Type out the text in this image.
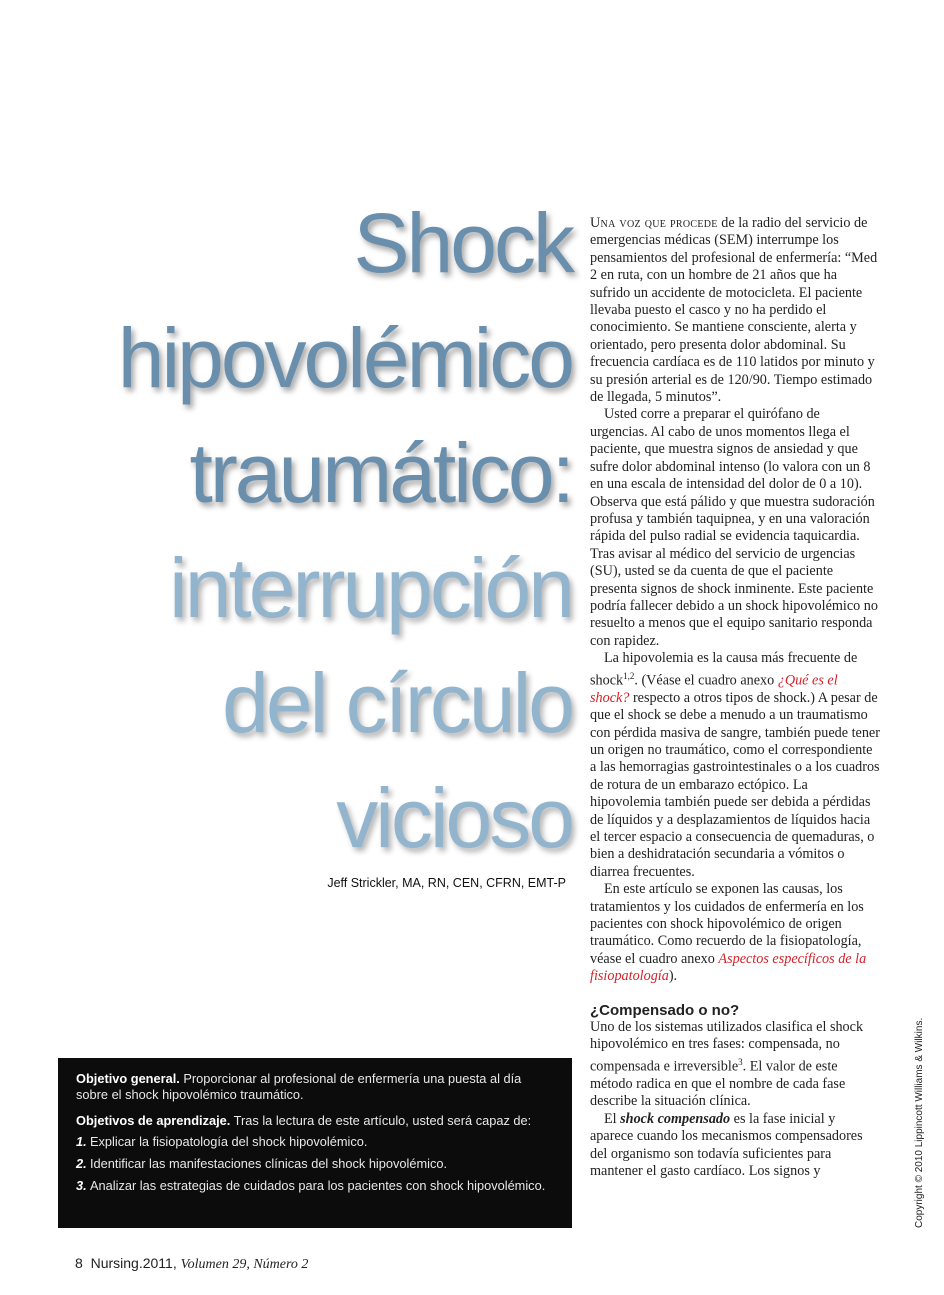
Shock
hipovolémico
traumático:
interrupción
del círculo
vicioso
Jeff Strickler, MA, RN, CEN, CFRN, EMT-P

Una voz que procede de la radio del servicio de emergencias médicas (SEM) interrumpe los pensamientos del profesional de enfermería: “Med 2 en ruta, con un hombre de 21 años que ha sufrido un accidente de motocicleta. El paciente llevaba puesto el casco y no ha perdido el conocimiento. Se mantiene consciente, alerta y orientado, pero presenta dolor abdominal. Su frecuencia cardíaca es de 110 latidos por minuto y su presión arterial es de 120/90. Tiempo estimado de llegada, 5 minutos”.

Usted corre a preparar el quirófano de urgencias. Al cabo de unos momentos llega el paciente, que muestra signos de ansiedad y que sufre dolor abdominal intenso (lo valora con un 8 en una escala de intensidad del dolor de 0 a 10). Observa que está pálido y que muestra sudoración profusa y también taquipnea, y en una valoración rápida del pulso radial se evidencia taquicardia. Tras avisar al médico del servicio de urgencias (SU), usted se da cuenta de que el paciente presenta signos de shock inminente. Este paciente podría fallecer debido a un shock hipovolémico no resuelto a menos que el equipo sanitario responda con rapidez.

La hipovolemia es la causa más frecuente de shock$^{1,2}$. (Véase el cuadro anexo ¿Qué es el shock? respecto a otros tipos de shock.) A pesar de que el shock se debe a menudo a un traumatismo con pérdida masiva de sangre, también puede tener un origen no traumático, como el correspondiente a las hemorragias gastrointestinales o a los cuadros de rotura de un embarazo ectópico. La hipovolemia también puede ser debida a pérdidas de líquidos y a desplazamientos de líquidos hacia el tercer espacio a consecuencia de quemaduras, o bien a deshidratación secundaria a vómitos o diarrea frecuentes.

En este artículo se exponen las causas, los tratamientos y los cuidados de enfermería en los pacientes con shock hipovolémico de origen traumático. Como recuerdo de la fisiopatología, véase el cuadro anexo Aspectos específicos de la fisiopatología).

¿Compensado o no?

Uno de los sistemas utilizados clasifica el shock hipovolémico en tres fases: compensada, no compensada e irreversible$^3$. El valor de este método radica en que el nombre de cada fase describe la situación clínica.

El shock compensado es la fase inicial y aparece cuando los mecanismos compensadores del organismo son todavía suficientes para mantener el gasto cardíaco. Los signos y

Objetivo general. Proporcionar al profesional de enfermería una puesta al día sobre el shock hipovolémico traumático.

Objetivos de aprendizaje. Tras la lectura de este artículo, usted será capaz de:

1. Explicar la fisiopatología del shock hipovolémico.
2. Identificar las manifestaciones clínicas del shock hipovolémico.
3. Analizar las estrategias de cuidados para los pacientes con shock hipovolémico.
8 Nursing.2011, Volumen 29, Número 2
Copyright © 2010 Lippincott Williams & Wilkins.
